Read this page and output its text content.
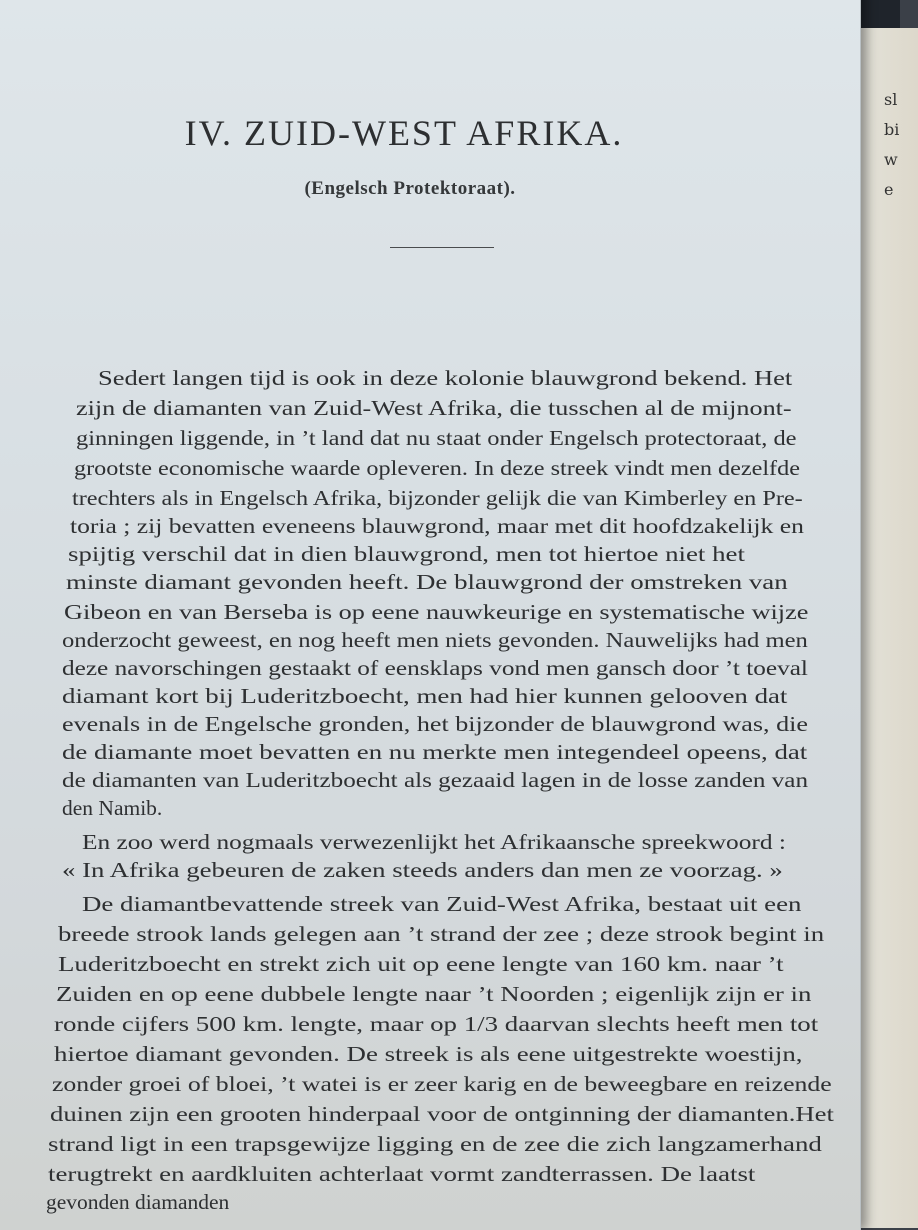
sl
bi
w
e
IV. ZUID-WEST AFRIKA.
(Engelsch Protektoraat).
Sedert langen tijd is ook in deze kolonie blauwgrond bekend. Het
zijn de diamanten van Zuid-West Afrika, die tusschen al de mijnont-
ginningen liggende, in ’t land dat nu staat onder Engelsch protectoraat, de
grootste economische waarde opleveren. In deze streek vindt men dezelfde
trechters als in Engelsch Afrika, bijzonder gelijk die van Kimberley en Pre-
toria ; zij bevatten eveneens blauwgrond, maar met dit hoofdzakelijk en
spijtig verschil dat in dien blauwgrond, men tot hiertoe niet het
minste diamant gevonden heeft. De blauwgrond der omstreken van
Gibeon en van Berseba is op eene nauwkeurige en systematische wijze
onderzocht geweest, en nog heeft men niets gevonden. Nauwelijks had men
deze navorschingen gestaakt of eensklaps vond men gansch door ’t toeval
diamant kort bij Luderitzboecht, men had hier kunnen gelooven dat
evenals in de Engelsche gronden, het bijzonder de blauwgrond was, die
de diamante moet bevatten en nu merkte men integendeel opeens, dat
de diamanten van Luderitzboecht als gezaaid lagen in de losse zanden van
den Namib.
En zoo werd nogmaals verwezenlijkt het Afrikaansche spreekwoord :
« In Afrika gebeuren de zaken steeds anders dan men ze voorzag. »
De diamantbevattende streek van Zuid-West Afrika, bestaat uit een
breede strook lands gelegen aan ’t strand der zee ; deze strook begint in
Luderitzboecht en strekt zich uit op eene lengte van 160 km. naar ’t
Zuiden en op eene dubbele lengte naar ’t Noorden ; eigenlijk zijn er in
ronde cijfers 500 km. lengte, maar op 1/3 daarvan slechts heeft men tot
hiertoe diamant gevonden. De streek is als eene uitgestrekte woestijn,
zonder groei of bloei, ’t watei is er zeer karig en de beweegbare en reizende
duinen zijn een grooten hinderpaal voor de ontginning der diamanten.Het
strand ligt in een trapsgewijze ligging en de zee die zich langzamerhand
terugtrekt en aardkluiten achterlaat vormt zandterrassen. De laatst
gevonden diamanden
